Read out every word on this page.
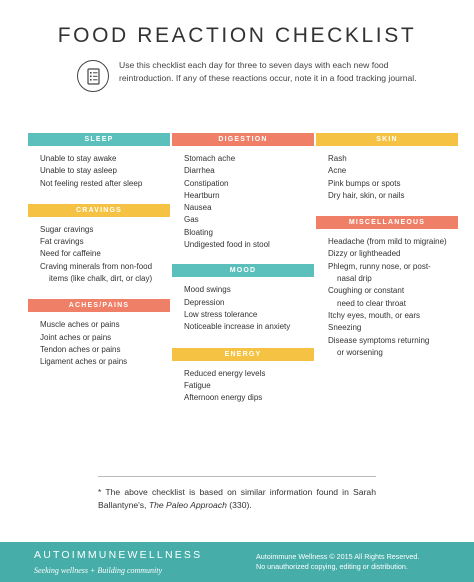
FOOD REACTION CHECKLIST

Use this checklist each day for three to seven days with each new food reintroduction. If any of these reactions occur, note it in a food tracking journal.

SLEEP
Unable to stay awake
Unable to stay asleep
Not feeling rested after sleep
CRAVINGS
Sugar cravings
Fat cravings
Need for caffeine
Craving minerals from non-food
items (like chalk, dirt, or clay)
ACHES/PAINS
Muscle aches or pains
Joint aches or pains
Tendon aches or pains
Ligament aches or pains
DIGESTION
Stomach ache
Diarrhea
Constipation
Heartburn
Nausea
Gas
Bloating
Undigested food in stool
MOOD
Mood swings
Depression
Low stress tolerance
Noticeable increase in anxiety
ENERGY
Reduced energy levels
Fatigue
Afternoon energy dips
SKIN
Rash
Acne
Pink bumps or spots
Dry hair, skin, or nails
MISCELLANEOUS
Headache (from mild to migraine)
Dizzy or lightheaded
Phlegm, runny nose, or post-
nasal drip
Coughing or constant
need to clear throat
Itchy eyes, mouth, or ears
Sneezing
Disease symptoms returning
or worsening

* The above checklist is based on similar information found in Sarah Ballantyne's, The Paleo Approach (330).

AUTOIMMUNEWELLNESS
Seeking wellness + Building community
Autoimmune Wellness © 2015 All Rights Reserved.
No unauthorized copying, editing or distribution.
